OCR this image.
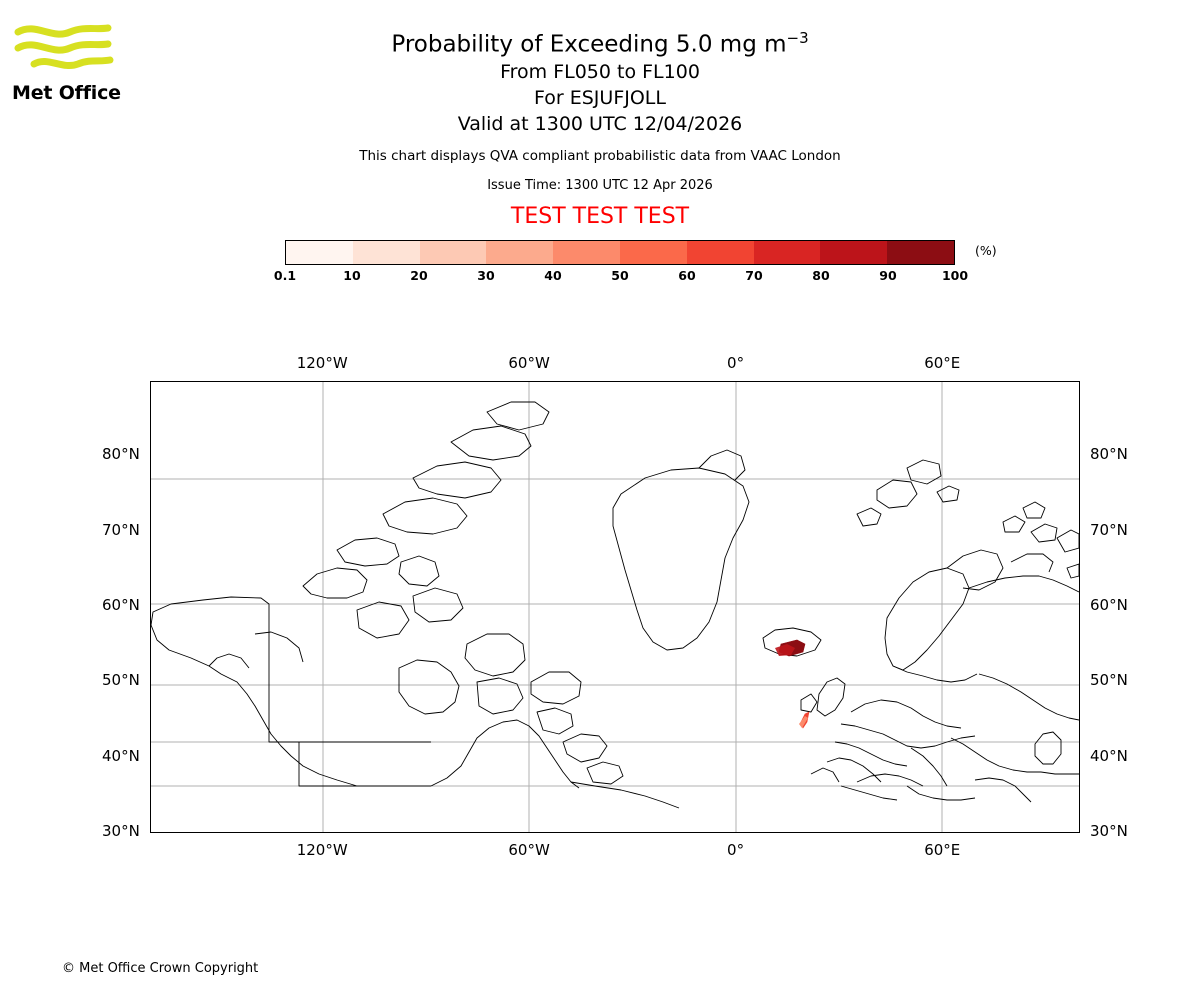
Met Office
Probability of Exceeding 5.0 mg $m^{-3}$
From FL050 to FL100
For ESJUFJOLL
Valid at 1300 UTC 12/04/2026
This chart displays QVA compliant probabilistic data from VAAC London
Issue Time: 1300 UTC 12 Apr 2026
TEST TEST TEST
0.1	10	20	30	40	50	60	70	80	90	100
(%)
120°W
120°W
60°W
60°W
0°
0°
60°E
60°E
30°N	30°N
40°N	40°N
50°N	50°N
60°N	60°N
70°N	70°N
80°N	80°N
© Met Office Crown Copyright
